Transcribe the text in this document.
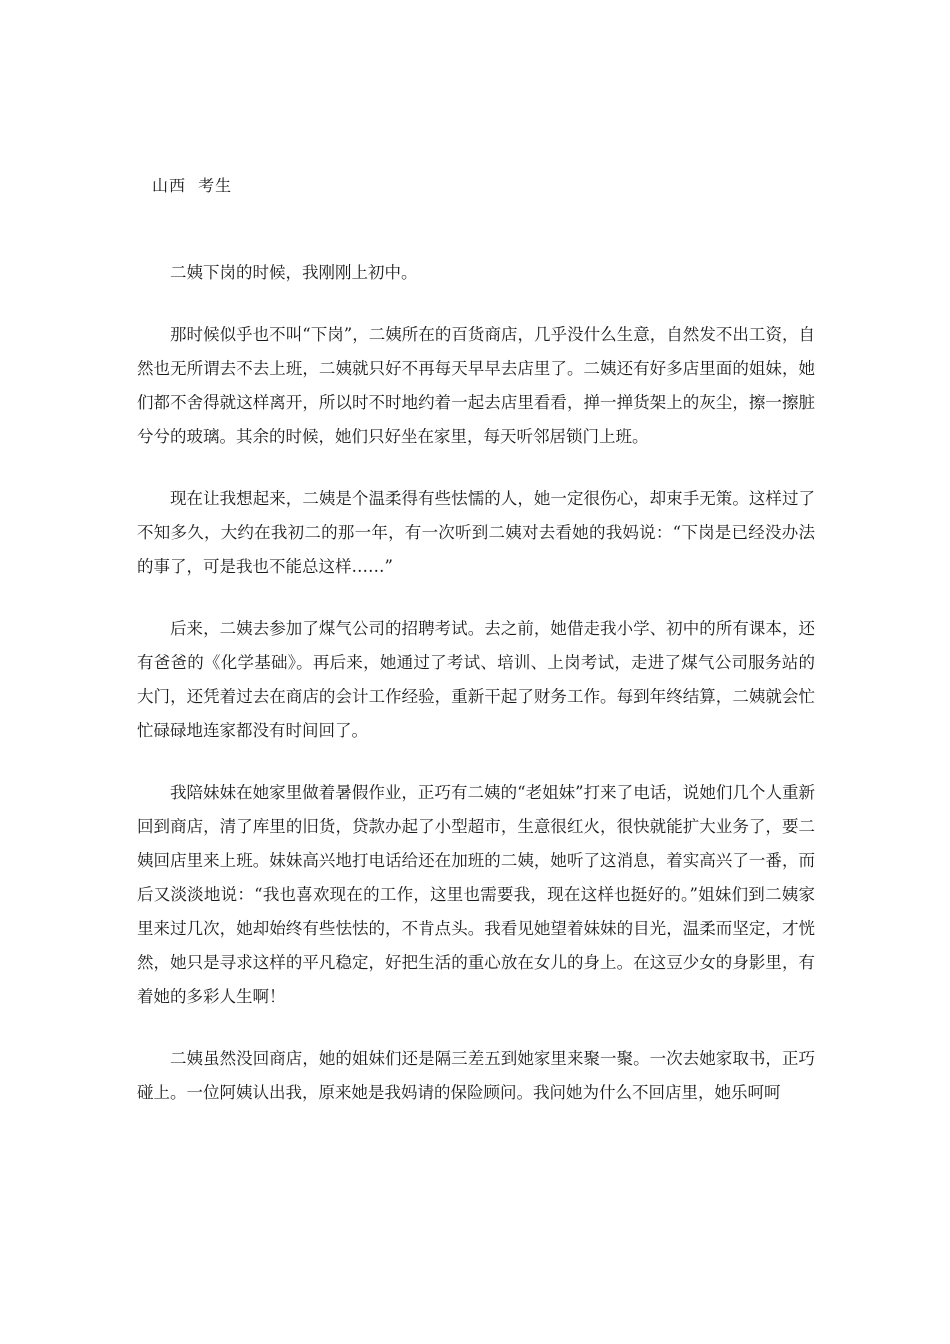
山西  考生

二姨下岗的时候，我刚刚上初中。

那时候似乎也不叫“下岗”，二姨所在的百货商店，几乎没什么生意，自然发不出工资，自然也无所谓去不去上班，二姨就只好不再每天早早去店里了。二姨还有好多店里面的姐妹，她们都不舍得就这样离开，所以时不时地约着一起去店里看看，掸一掸货架上的灰尘，擦一擦脏兮兮的玻璃。其余的时候，她们只好坐在家里，每天听邻居锁门上班。

现在让我想起来，二姨是个温柔得有些怯懦的人，她一定很伤心，却束手无策。这样过了不知多久，大约在我初二的那一年，有一次听到二姨对去看她的我妈说：“下岗是已经没办法的事了，可是我也不能总这样……”

后来，二姨去参加了煤气公司的招聘考试。去之前，她借走我小学、初中的所有课本，还有爸爸的《化学基础》。再后来，她通过了考试、培训、上岗考试，走进了煤气公司服务站的大门，还凭着过去在商店的会计工作经验，重新干起了财务工作。每到年终结算，二姨就会忙忙碌碌地连家都没有时间回了。

我陪妹妹在她家里做着暑假作业，正巧有二姨的“老姐妹”打来了电话，说她们几个人重新回到商店，清了库里的旧货，贷款办起了小型超市，生意很红火，很快就能扩大业务了，要二姨回店里来上班。妹妹高兴地打电话给还在加班的二姨，她听了这消息，着实高兴了一番，而后又淡淡地说：“我也喜欢现在的工作，这里也需要我，现在这样也挺好的。”姐妹们到二姨家里来过几次，她却始终有些怯怯的，不肯点头。我看见她望着妹妹的目光，温柔而坚定，才恍然，她只是寻求这样的平凡稳定，好把生活的重心放在女儿的身上。在这豆少女的身影里，有着她的多彩人生啊！

二姨虽然没回商店，她的姐妹们还是隔三差五到她家里来聚一聚。一次去她家取书，正巧碰上。一位阿姨认出我，原来她是我妈请的保险顾问。我问她为什么不回店里，她乐呵呵
